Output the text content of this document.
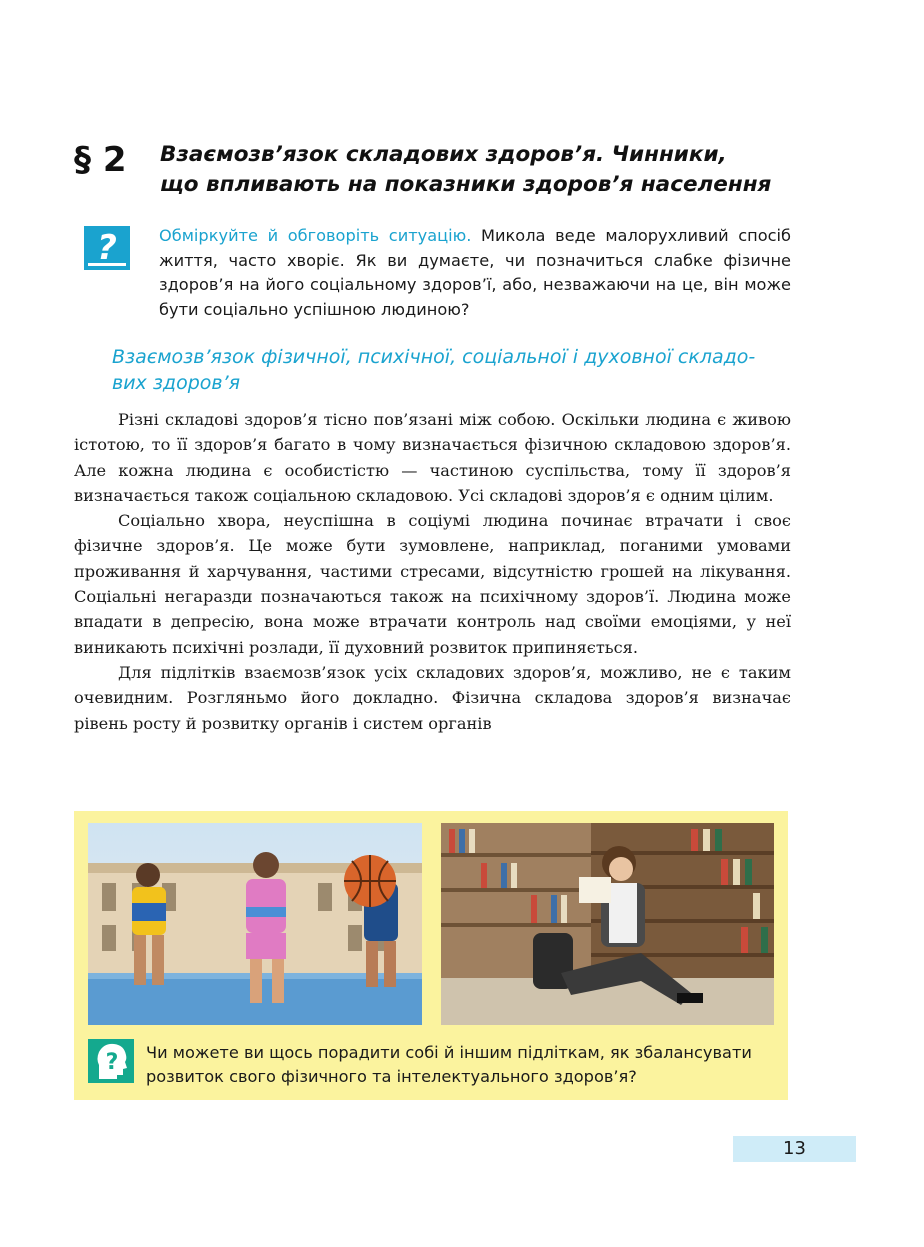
§ 2	Взаємозв’язок складових здоров’я. Чинники,
що впливають на показники здоров’я населення
?	Обміркуйте й обговоріть ситуацію. Микола веде малорухливий спосіб життя, часто хворіє. Як ви думаєте, чи позначиться слабке фізичне здоров’я на його соціальному здоров’ї, або, незважаючи на це, він може бути соціально успішною людиною?
Взаємозв’язок фізичної, психічної, соціальної і духовної складо-
вих здоров’я

Різні складові здоров’я тісно пов’язані між собою. Оскільки людина є живою істотою, то її здоров’я багато в чому визначається фізичною складовою здоров’я. Але кожна людина є особистістю — частиною суспільства, тому її здоров’я визначається також соціальною складовою. Усі складові здоров’я є одним цілим.

Соціально хвора, неуспішна в соціумі людина починає втрачати і своє фізичне здоров’я. Це може бути зумовлене, наприклад, поганими умовами проживання й харчування, частими стресами, відсутністю грошей на лікування. Соціальні негаразди позначаються також на психічному здоров’ї. Людина може впадати в депресію, вона може втрачати контроль над своїми емоціями, у неї виникають психічні розлади, її духовний розвиток припиняється.

Для підлітків взаємозв’язок усіх складових здоров’я, можливо, не є таким очевидним. Розгляньмо його докладно. Фізична складова здоров’я визначає рівень росту й розвитку органів і систем органів

? Чи можете ви щось порадити собі й іншим підліткам, як збалансувати розвиток свого фізичного та інтелектуального здоров’я?
13
